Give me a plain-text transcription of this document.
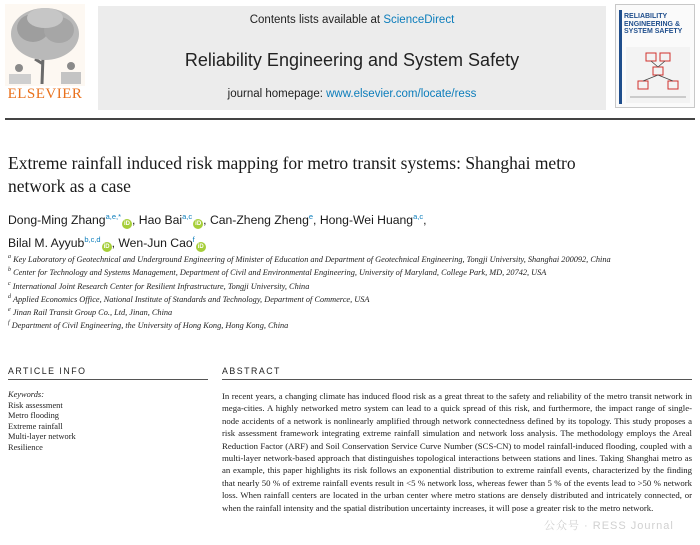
ELSEVIER
Contents lists available at ScienceDirect
Reliability Engineering and System Safety
journal homepage: www.elsevier.com/locate/ress
RELIABILITY ENGINEERING & SYSTEM SAFETY
Extreme rainfall induced risk mapping for metro transit systems: Shanghai metro network as a case
Dong-Ming Zhang$^{a,e,*}$iD , Hao Bai$^{a,c}$iD , Can-Zheng Zheng$^e$, Hong-Wei Huang$^{a,c}$,
Bilal M. Ayyub$^{b,c,d}$iD , Wen-Jun Cao$^f$iD
$^a$ Key Laboratory of Geotechnical and Underground Engineering of Minister of Education and Department of Geotechnical Engineering, Tongji University, Shanghai 200092, China
$^b$ Center for Technology and Systems Management, Department of Civil and Environmental Engineering, University of Maryland, College Park, MD, 20742, USA
$^c$ International Joint Research Center for Resilient Infrastructure, Tongji University, China
$^d$ Applied Economics Office, National Institute of Standards and Technology, Department of Commerce, USA
$^e$ Jinan Rail Transit Group Co., Ltd, Jinan, China
$^f$ Department of Civil Engineering, the University of Hong Kong, Hong Kong, China
ARTICLE INFO	ABSTRACT
Keywords:
Risk assessment
Metro flooding
Extreme rainfall
Multi-layer network
Resilience

In recent years, a changing climate has induced flood risk as a great threat to the safety and reliability of the metro transit network in mega-cities. A highly networked metro system can lead to a quick spread of this risk, and furthermore, the impact range of single-node accidents of a network is nonlinearly amplified through network connectedness defined by its topology. This study proposes a risk assessment framework integrating extreme rainfall simulation and network loss analysis. The methodology employs the Areal Reduction Factor (ARF) and Soil Conservation Service Curve Number (SCS-CN) to model rainfall-induced flooding, coupled with a multi-layer network-based approach that distinguishes topological interactions between stations and lines. Taking Shanghai metro as an example, this paper highlights its risk follows an exponential distribution to extreme rainfall events, characterized by the finding that nearly 50 % of extreme rainfall events result in <5 % network loss, whereas fewer than 5 % of the events lead to >50 % network loss. When rainfall centers are located in the urban center where metro stations are densely distributed and intricately connected, or when the rainfall intensity and the spatial distribution uncertainty increases, it will pose a greater risk to the metro network.

公众号 · RESS Journal
